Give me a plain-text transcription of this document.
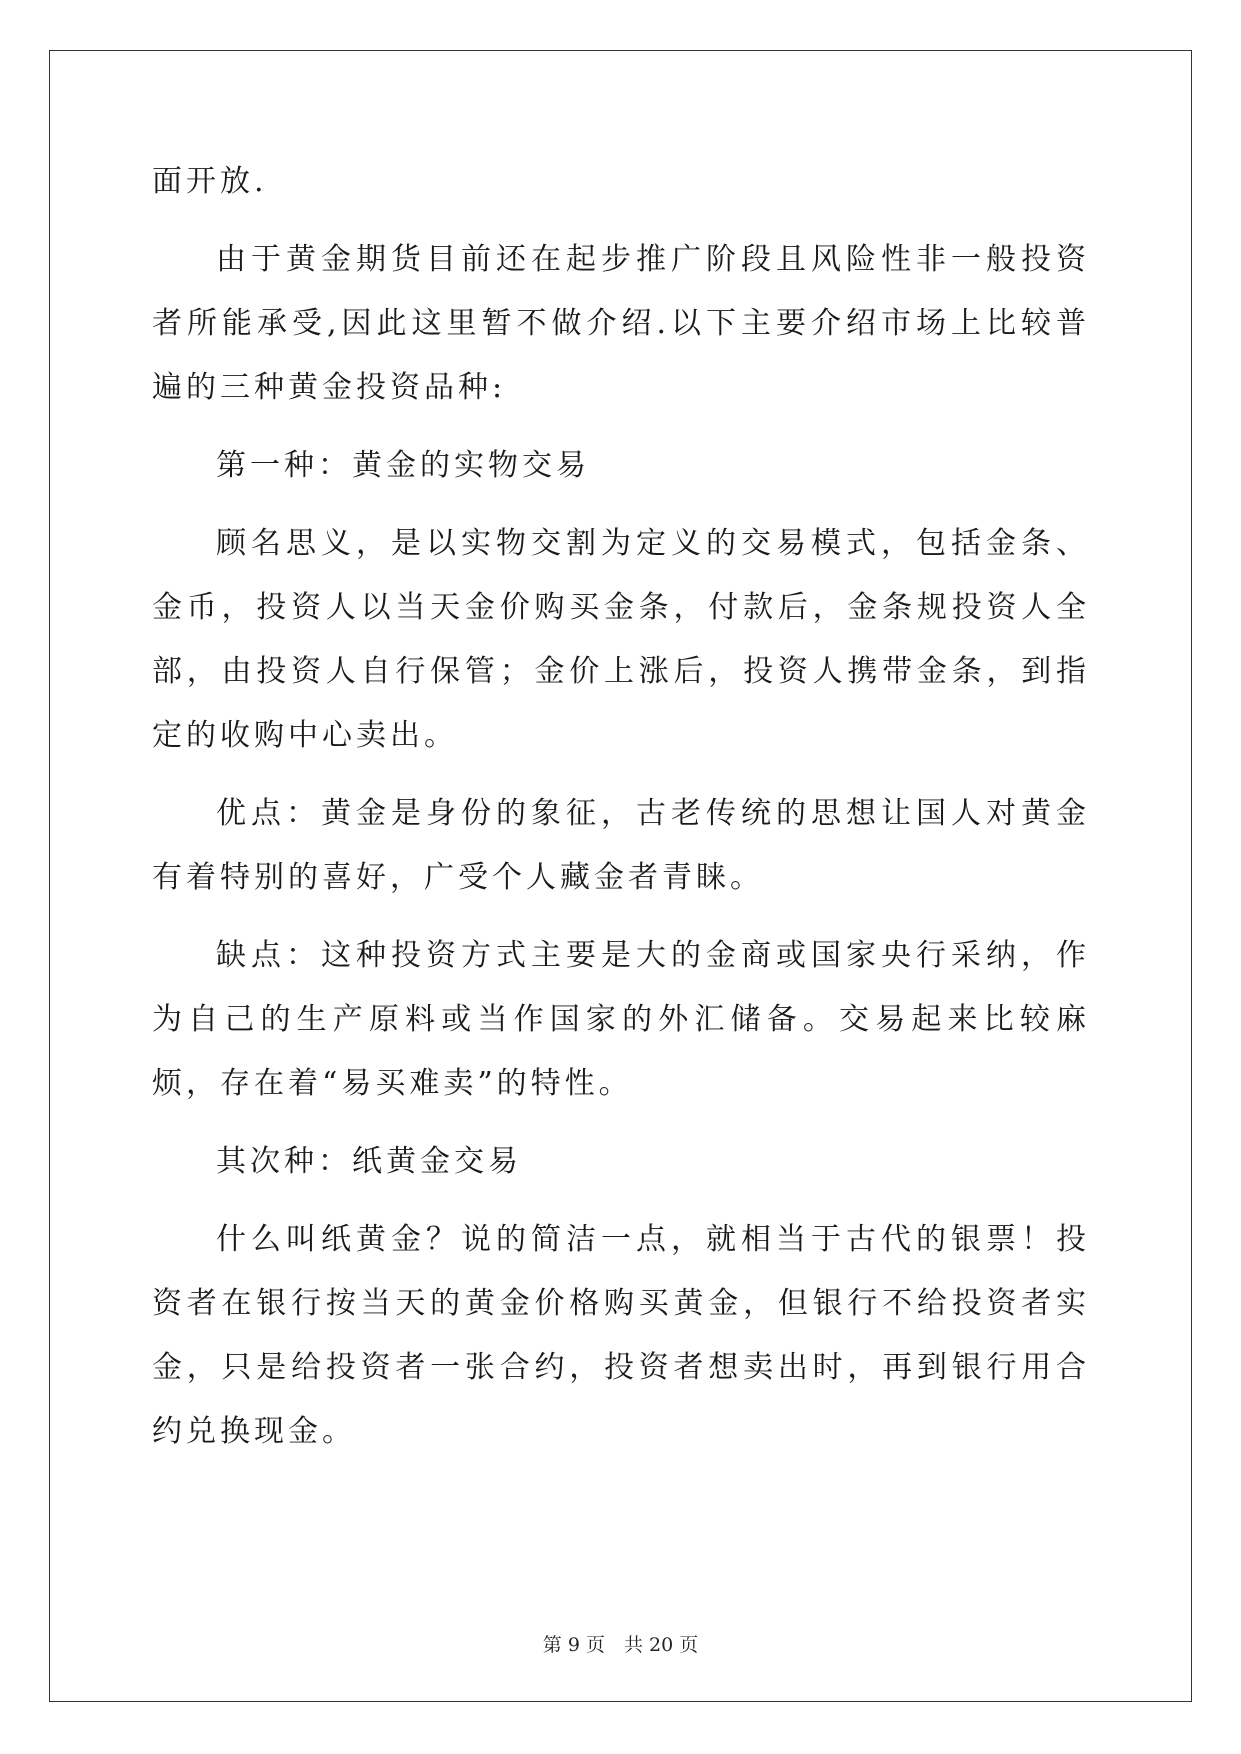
面开放.

由于黄金期货目前还在起步推广阶段且风险性非一般投资者所能承受,因此这里暂不做介绍.以下主要介绍市场上比较普遍的三种黄金投资品种:

第一种：黄金的实物交易

顾名思义，是以实物交割为定义的交易模式，包括金条、金币，投资人以当天金价购买金条，付款后，金条规投资人全部，由投资人自行保管；金价上涨后，投资人携带金条，到指定的收购中心卖出。

优点：黄金是身份的象征，古老传统的思想让国人对黄金有着特别的喜好，广受个人藏金者青睐。

缺点：这种投资方式主要是大的金商或国家央行采纳，作为自己的生产原料或当作国家的外汇储备。交易起来比较麻烦，存在着“易买难卖”的特性。

其次种：纸黄金交易

什么叫纸黄金？说的简洁一点，就相当于古代的银票！投资者在银行按当天的黄金价格购买黄金，但银行不给投资者实金，只是给投资者一张合约，投资者想卖出时，再到银行用合约兑换现金。

第 9 页　共 20 页
